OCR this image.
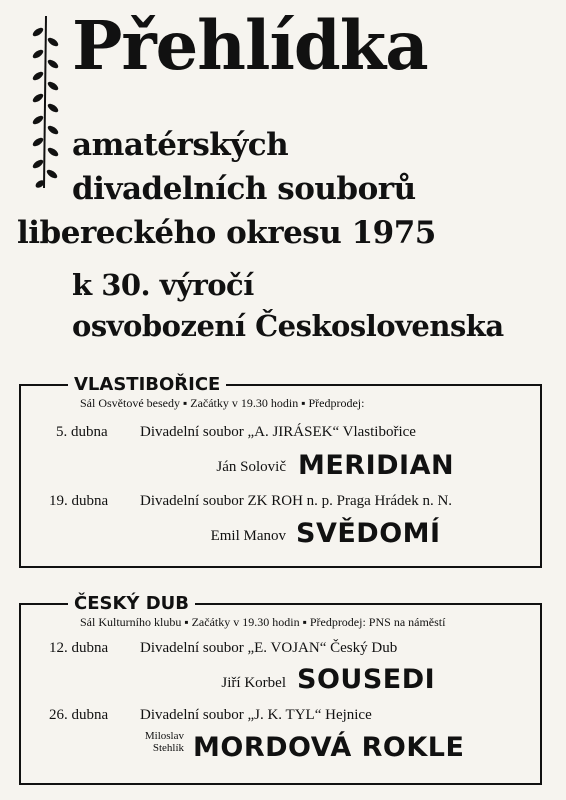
Přehlídka
amatérských
divadelních souborů
libereckého okresu 1975
k 30. výročí
osvobození Československa
VLASTIBOŘICE
Sál Osvětové besedy ▪ Začátky v 19.30 hodin ▪ Předprodej:
5. dubna Divadelní soubor „A. JIRÁSEK“ Vlastibořice
Ján Solovič MERIDIAN
19. dubna Divadelní soubor ZK ROH n. p. Praga Hrádek n. N.
Emil Manov SVĚDOMÍ
ČESKÝ DUB
Sál Kulturního klubu ▪ Začátky v 19.30 hodin ▪ Předprodej: PNS na náměstí
12. dubna Divadelní soubor „E. VOJAN“ Český Dub
Jiří Korbel SOUSEDI
26. dubna Divadelní soubor „J. K. TYL“ Hejnice
Miloslav
Stehlík MORDOVÁ ROKLE
